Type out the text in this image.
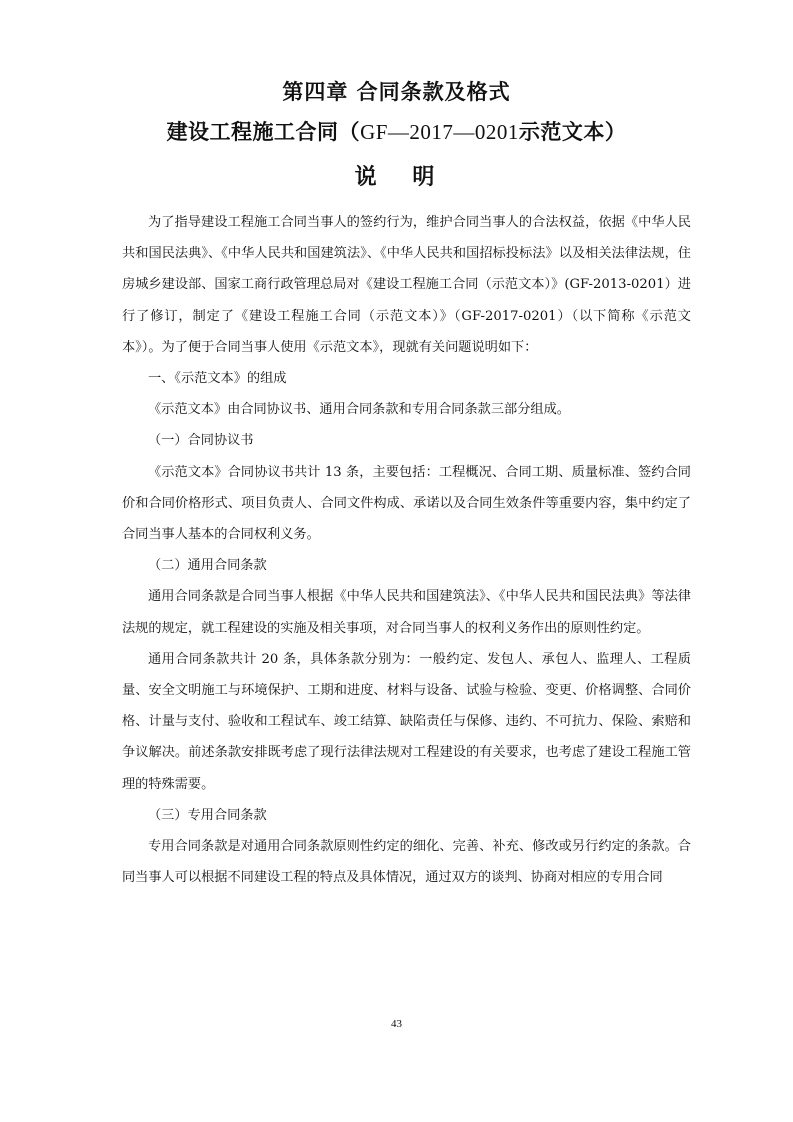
第四章 合同条款及格式
建设工程施工合同（GF—2017—0201示范文本）
说 明

为了指导建设工程施工合同当事人的签约行为，维护合同当事人的合法权益，依据《中华人民共和国民法典》、《中华人民共和国建筑法》、《中华人民共和国招标投标法》以及相关法律法规，住房城乡建设部、国家工商行政管理总局对《建设工程施工合同（示范文本）》(GF-2013-0201）进行了修订，制定了《建设工程施工合同（示范文本）》（GF-2017-0201）（以下简称《示范文本》）。为了便于合同当事人使用《示范文本》，现就有关问题说明如下：

一、《示范文本》的组成

《示范文本》由合同协议书、通用合同条款和专用合同条款三部分组成。

（一）合同协议书

《示范文本》合同协议书共计 13 条，主要包括：工程概况、合同工期、质量标准、签约合同价和合同价格形式、项目负责人、合同文件构成、承诺以及合同生效条件等重要内容，集中约定了合同当事人基本的合同权利义务。

（二）通用合同条款

通用合同条款是合同当事人根据《中华人民共和国建筑法》、《中华人民共和国民法典》等法律法规的规定，就工程建设的实施及相关事项，对合同当事人的权利义务作出的原则性约定。

通用合同条款共计 20 条，具体条款分别为：一般约定、发包人、承包人、监理人、工程质量、安全文明施工与环境保护、工期和进度、材料与设备、试验与检验、变更、价格调整、合同价格、计量与支付、验收和工程试车、竣工结算、缺陷责任与保修、违约、不可抗力、保险、索赔和争议解决。前述条款安排既考虑了现行法律法规对工程建设的有关要求，也考虑了建设工程施工管理的特殊需要。

（三）专用合同条款

专用合同条款是对通用合同条款原则性约定的细化、完善、补充、修改或另行约定的条款。合同当事人可以根据不同建设工程的特点及具体情况，通过双方的谈判、协商对相应的专用合同

43
